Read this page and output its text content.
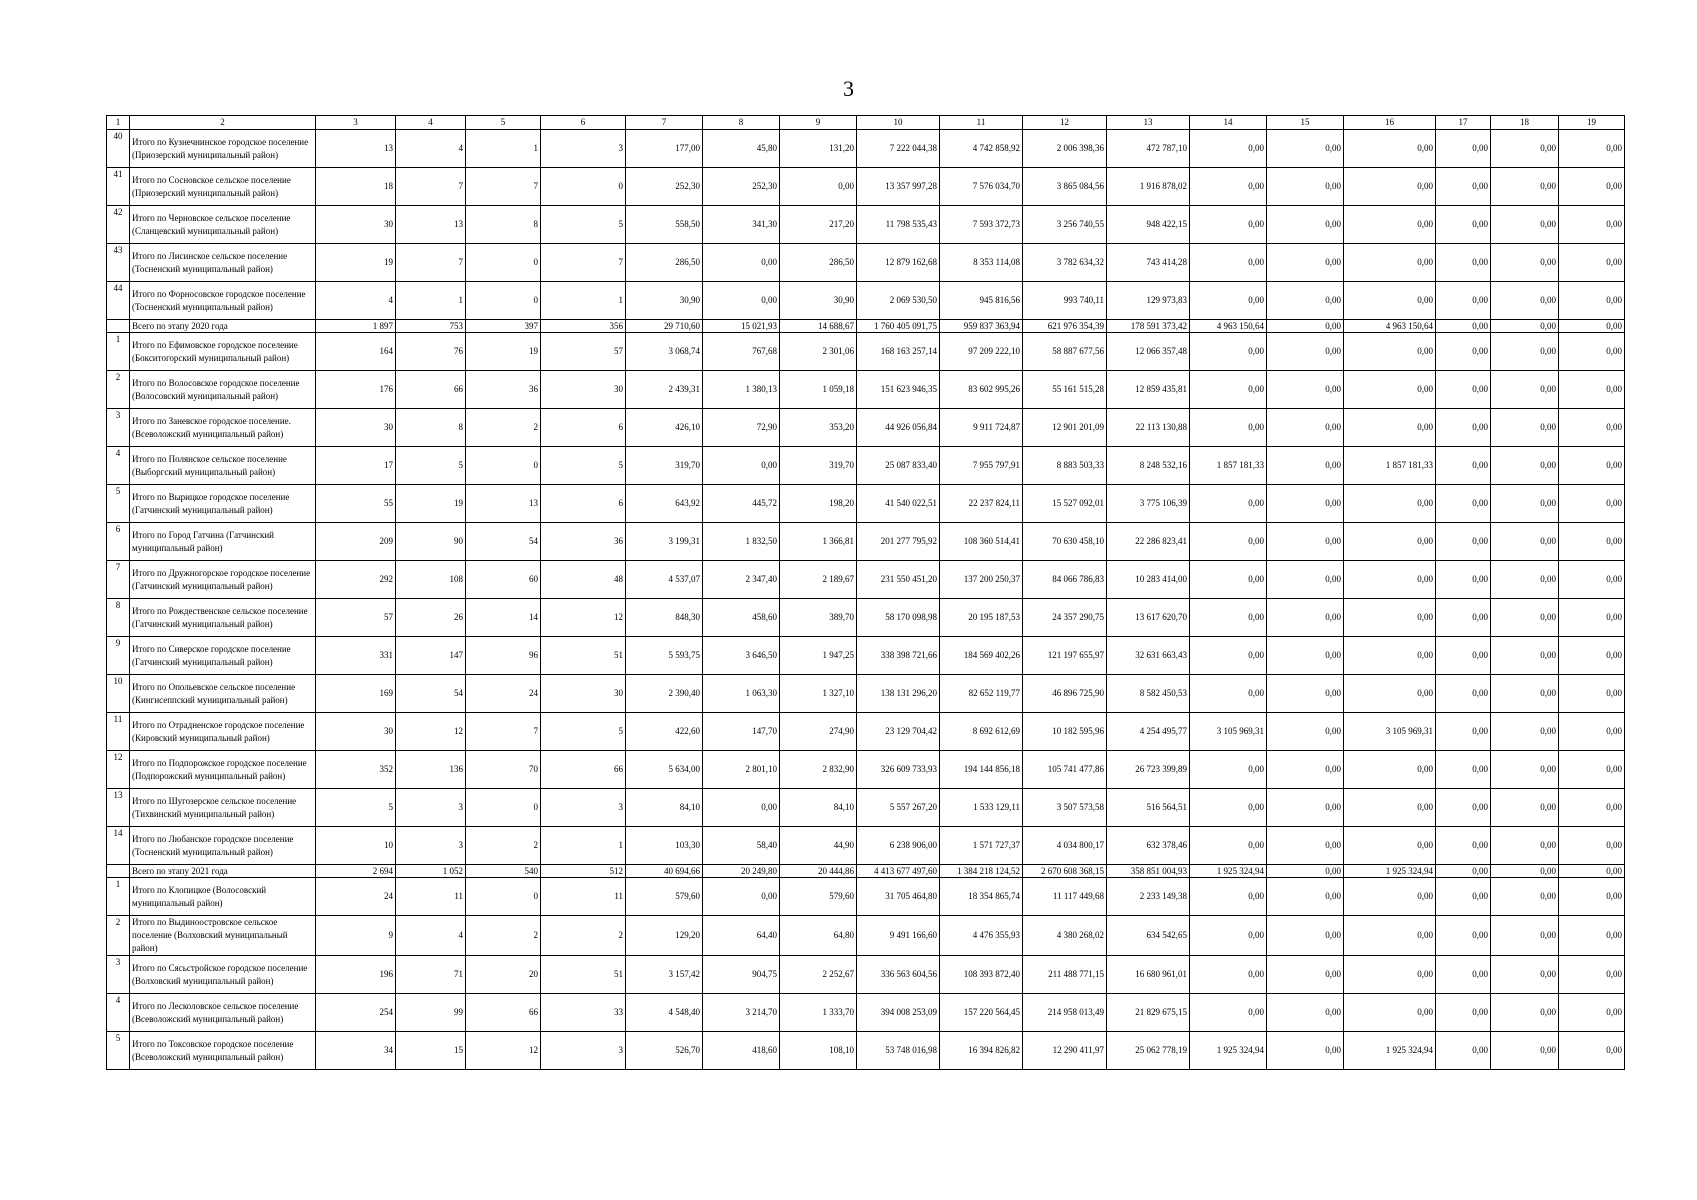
3
1	2	3	4	5	6	7	8	9	10	11	12	13	14	15	16	17	18	19
40	Итого по Кузнечнинское городское поселение (Приозерский муниципальный район)	13	4	1	3	177,00	45,80	131,20	7 222 044,38	4 742 858,92	2 006 398,36	472 787,10	0,00	0,00	0,00	0,00	0,00	0,00
41	Итого по Сосновское сельское поселение (Приозерский муниципальный район)	18	7	7	0	252,30	252,30	0,00	13 357 997,28	7 576 034,70	3 865 084,56	1 916 878,02	0,00	0,00	0,00	0,00	0,00	0,00
42	Итого по Черновское сельское поселение (Сланцевский муниципальный район)	30	13	8	5	558,50	341,30	217,20	11 798 535,43	7 593 372,73	3 256 740,55	948 422,15	0,00	0,00	0,00	0,00	0,00	0,00
43	Итого по Лисинское сельское поселение (Тосненский муниципальный район)	19	7	0	7	286,50	0,00	286,50	12 879 162,68	8 353 114,08	3 782 634,32	743 414,28	0,00	0,00	0,00	0,00	0,00	0,00
44	Итого по Форносовское городское поселение (Тосненский муниципальный район)	4	1	0	1	30,90	0,00	30,90	2 069 530,50	945 816,56	993 740,11	129 973,83	0,00	0,00	0,00	0,00	0,00	0,00
	Всего по этапу 2020 года	1 897	753	397	356	29 710,60	15 021,93	14 688,67	1 760 405 091,75	959 837 363,94	621 976 354,39	178 591 373,42	4 963 150,64	0,00	4 963 150,64	0,00	0,00	0,00
1	Итого по Ефимовское городское поселение (Бокситогорский муниципальный район)	164	76	19	57	3 068,74	767,68	2 301,06	168 163 257,14	97 209 222,10	58 887 677,56	12 066 357,48	0,00	0,00	0,00	0,00	0,00	0,00
2	Итого по Волосовское городское поселение (Волосовский муниципальный район)	176	66	36	30	2 439,31	1 380,13	1 059,18	151 623 946,35	83 602 995,26	55 161 515,28	12 859 435,81	0,00	0,00	0,00	0,00	0,00	0,00
3	Итого по Заневское городское поселение. (Всеволожский муниципальный район)	30	8	2	6	426,10	72,90	353,20	44 926 056,84	9 911 724,87	12 901 201,09	22 113 130,88	0,00	0,00	0,00	0,00	0,00	0,00
4	Итого по Полянское сельское поселение (Выборгский муниципальный район)	17	5	0	5	319,70	0,00	319,70	25 087 833,40	7 955 797,91	8 883 503,33	8 248 532,16	1 857 181,33	0,00	1 857 181,33	0,00	0,00	0,00
5	Итого по Вырицкое городское поселение (Гатчинский муниципальный район)	55	19	13	6	643,92	445,72	198,20	41 540 022,51	22 237 824,11	15 527 092,01	3 775 106,39	0,00	0,00	0,00	0,00	0,00	0,00
6	Итого по Город Гатчина (Гатчинский муниципальный район)	209	90	54	36	3 199,31	1 832,50	1 366,81	201 277 795,92	108 360 514,41	70 630 458,10	22 286 823,41	0,00	0,00	0,00	0,00	0,00	0,00
7	Итого по Дружногорское городское поселение (Гатчинский муниципальный район)	292	108	60	48	4 537,07	2 347,40	2 189,67	231 550 451,20	137 200 250,37	84 066 786,83	10 283 414,00	0,00	0,00	0,00	0,00	0,00	0,00
8	Итого по Рождественское сельское поселение (Гатчинский муниципальный район)	57	26	14	12	848,30	458,60	389,70	58 170 098,98	20 195 187,53	24 357 290,75	13 617 620,70	0,00	0,00	0,00	0,00	0,00	0,00
9	Итого по Сиверское городское поселение (Гатчинский муниципальный район)	331	147	96	51	5 593,75	3 646,50	1 947,25	338 398 721,66	184 569 402,26	121 197 655,97	32 631 663,43	0,00	0,00	0,00	0,00	0,00	0,00
10	Итого по Опольевское сельское поселение (Кингисеппский муниципальный район)	169	54	24	30	2 390,40	1 063,30	1 327,10	138 131 296,20	82 652 119,77	46 896 725,90	8 582 450,53	0,00	0,00	0,00	0,00	0,00	0,00
11	Итого по Отрадненское городское поселение (Кировский муниципальный район)	30	12	7	5	422,60	147,70	274,90	23 129 704,42	8 692 612,69	10 182 595,96	4 254 495,77	3 105 969,31	0,00	3 105 969,31	0,00	0,00	0,00
12	Итого по Подпорожское городское поселение (Подпорожский муниципальный район)	352	136	70	66	5 634,00	2 801,10	2 832,90	326 609 733,93	194 144 856,18	105 741 477,86	26 723 399,89	0,00	0,00	0,00	0,00	0,00	0,00
13	Итого по Шугозерское сельское поселение (Тихвинский муниципальный район)	5	3	0	3	84,10	0,00	84,10	5 557 267,20	1 533 129,11	3 507 573,58	516 564,51	0,00	0,00	0,00	0,00	0,00	0,00
14	Итого по Любанское городское поселение (Тосненский муниципальный район)	10	3	2	1	103,30	58,40	44,90	6 238 906,00	1 571 727,37	4 034 800,17	632 378,46	0,00	0,00	0,00	0,00	0,00	0,00
	Всего по этапу 2021 года	2 694	1 052	540	512	40 694,66	20 249,80	20 444,86	4 413 677 497,60	1 384 218 124,52	2 670 608 368,15	358 851 004,93	1 925 324,94	0,00	1 925 324,94	0,00	0,00	0,00
1	Итого по Клопицкое (Волосовский муниципальный район)	24	11	0	11	579,60	0,00	579,60	31 705 464,80	18 354 865,74	11 117 449,68	2 233 149,38	0,00	0,00	0,00	0,00	0,00	0,00
2	Итого по Выдиноостровское сельское поселение (Волховский муниципальный район)	9	4	2	2	129,20	64,40	64,80	9 491 166,60	4 476 355,93	4 380 268,02	634 542,65	0,00	0,00	0,00	0,00	0,00	0,00
3	Итого по Сясьстройское городское поселение (Волховский муниципальный район)	196	71	20	51	3 157,42	904,75	2 252,67	336 563 604,56	108 393 872,40	211 488 771,15	16 680 961,01	0,00	0,00	0,00	0,00	0,00	0,00
4	Итого по Лесколовское сельское поселение (Всеволожский муниципальный район)	254	99	66	33	4 548,40	3 214,70	1 333,70	394 008 253,09	157 220 564,45	214 958 013,49	21 829 675,15	0,00	0,00	0,00	0,00	0,00	0,00
5	Итого по Токсовское городское поселение (Всеволожский муниципальный район)	34	15	12	3	526,70	418,60	108,10	53 748 016,98	16 394 826,82	12 290 411,97	25 062 778,19	1 925 324,94	0,00	1 925 324,94	0,00	0,00	0,00
